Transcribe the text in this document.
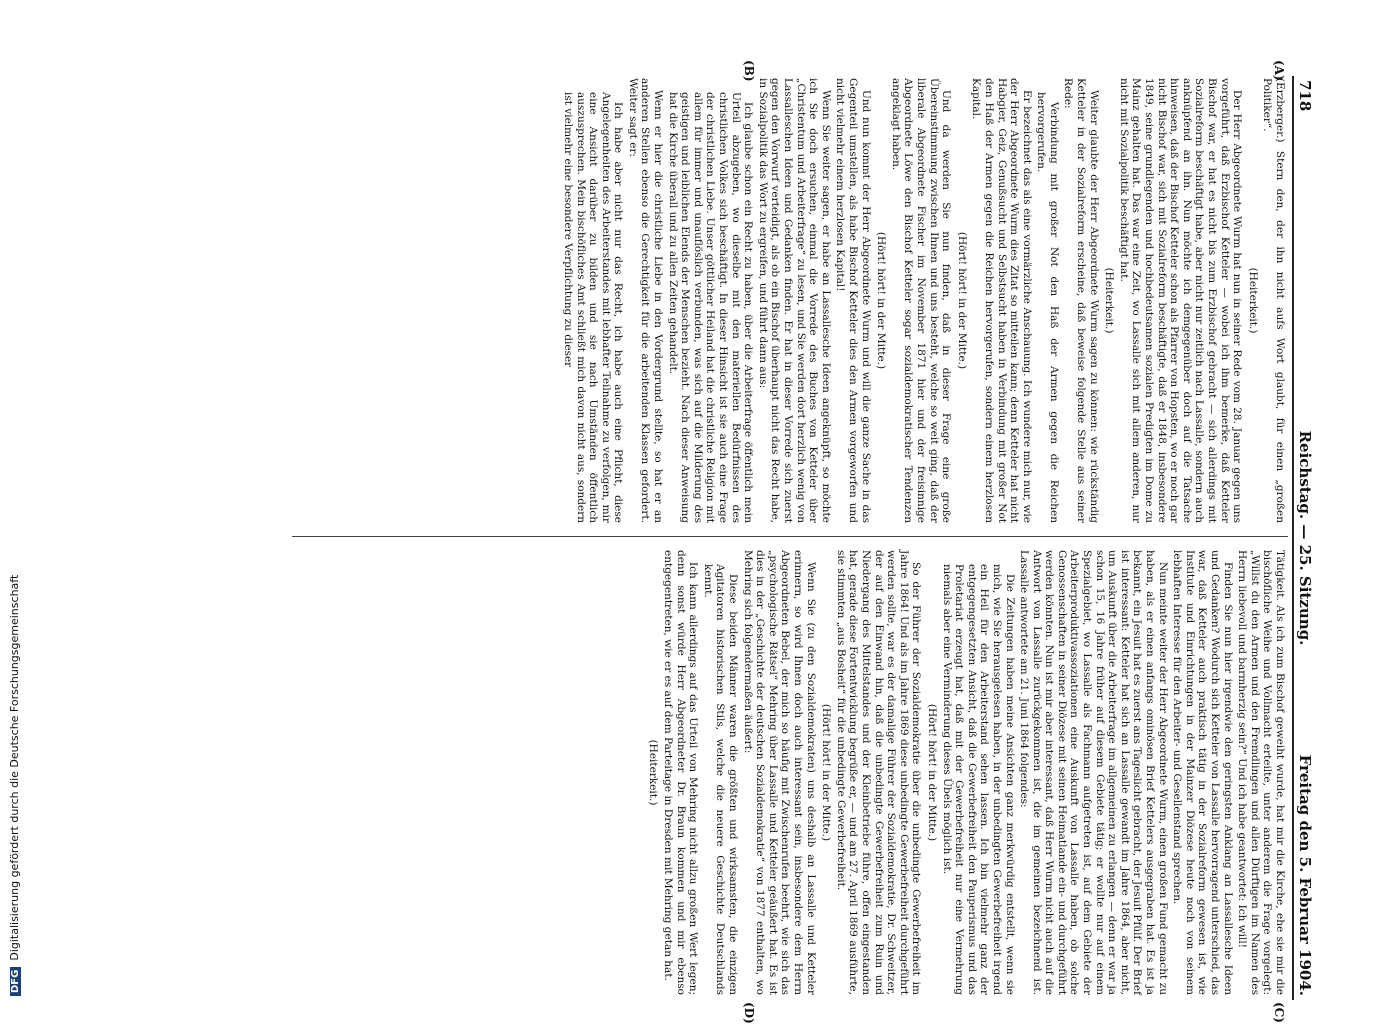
718
Reichstag. — 25. Sitzung.
Freitag den 5. Februar 1904.
(A)
(B)
(C)
(D)

(Erzberger.) Stern den, der ihn nicht aufs Wort glaubt, für einen „großen Politiker“.

(Heiterkeit.)

Der Herr Abgeordnete Wurm hat nun in seiner Rede vom 28. Januar gegen uns vorgeführt, daß Erzbischof Ketteler — wobei ich ihm bemerke, daß Ketteler Bischof war, er hat es nicht bis zum Erzbischof gebracht — sich allerdings mit Sozialreform beschäftigt habe, aber nicht nur zeitlich nach Lassalle, sondern auch anknüpfend an ihn. Nun möchte ich demgegenüber doch auf die Tatsache hinweisen, daß der Bischof Ketteler schon als Pfarrer von Hopsten, wo er noch gar nicht Bischof war, sich mit Sozialreform beschäftigte, daß er 1848, insbesondere 1849, seine grundlegenden und hochbedeutsamen sozialen Predigten im Dome zu Mainz gehalten hat. Das war eine Zeit, wo Lassalle sich mit allem anderen, nur nicht mit Sozialpolitik beschäftigt hat.

(Heiterkeit.)

Weiter glaubte der Herr Abgeordnete Wurm sagen zu können: wie rückständig Ketteler in der Sozialreform erscheine, daß beweise folgende Stelle aus seiner Rede:

Verbindung mit großer Not den Haß der Armen gegen die Reichen hervorgerufen.

Er bezeichnet das als eine vormärzliche Anschauung. Ich wundere mich nur, wie der Herr Abgeordnete Wurm dies Zitat so mitteilen kann; denn Ketteler hat nicht Habgier, Geiz, Genußsucht und Selbstsucht haben in Verbindung mit großer Not den Haß der Armen gegen die Reichen hervorgerufen, sondern einem herzlosen Kapital.

(Hört! hört! in der Mitte.)

Und da werden Sie nun finden, daß in dieser Frage eine große Übereinstimmung zwischen Ihnen und uns besteht, welche so weit ging, daß der liberale Abgeordnete Fischer im November 1871 hier und der freisinnige Abgeordnete Löwe den Bischof Ketteler sogar sozialdemokratischer Tendenzen angeklagt haben.

(Hört! hört! in der Mitte.)

Und nun kommt der Herr Abgeordnete Wurm und will die ganze Sache in das Gegenteil umstellen, als habe Bischof Ketteler dies den Armen vorgeworfen und nicht vielmehr einem herzlosen Kapital!

Wenn Sie weiter sagen, er habe an Lassallesche Ideen angeknüpft, so möchte ich Sie doch ersuchen, einmal die Vorrede des Buches von Ketteler über „Christentum und Arbeiterfrage“ zu lesen, und Sie werden dort herzlich wenig von Lassalleschen Ideen und Gedanken finden. Er hat in dieser Vorrede sich zuerst gegen den Vorwurf verteidigt, als ob ein Bischof überhaupt nicht das Recht habe, in Sozialpolitik das Wort zu ergreifen, und führt dann aus:

Ich glaube schon ein Recht zu haben, über die Arbeiterfrage öffentlich mein Urteil abzugeben, wo dieselbe mit den materiellen Bedürfnissen des christlichen Volkes sich beschäftigt. In dieser Hinsicht ist sie auch eine Frage der christlichen Liebe. Unser göttlicher Heiland hat die christliche Religion mit allem für immer und unauflöslich verbunden, was sich auf die Milderung des geistigen und leiblichen Elends der Menschen bezieht. Nach dieser Anweisung hat die Kirche überall und zu allen Zeiten gehandelt.

Wenn er hier die christliche Liebe in den Vordergrund stellte, so hat er an anderen Stellen ebenso die Gerechtigkeit für die arbeitenden Klassen gefordert. Weiter sagt er:

Ich habe aber nicht nur das Recht, ich habe auch eine Pflicht, diese Angelegenheiten des Arbeiterstandes mit lebhafter Teilnahme zu verfolgen, mir eine Ansicht darüber zu bilden und sie nach Umständen öffentlich auszusprechen. Mein bischöfliches Amt schließt mich davon nicht aus, sondern ist vielmehr eine besondere Verpflichtung zu dieser

Tätigkeit. Als ich zum Bischof geweiht wurde, hat mir die Kirche, ehe sie mir die bischöfliche Weihe und Vollmacht erteilte, unter anderem die Frage vorgelegt: „Willst du den Armen und den Fremdlingen und allen Dürftigen im Namen des Herrn liebevoll und barmherzig sein?“ Und ich habe geantwortet: Ich will!

Finden Sie nun hier irgendwie den geringsten Anklang an Lassallesche Ideen und Gedanken? Wodurch sich Ketteler von Lassalle hervorragend unterschied, das war, daß Ketteler auch praktisch tätig in der Sozialreform gewesen ist, wie Institute und Einrichtungen in der Mainzer Diözese heute noch von seinem lebhaften Interesse für den Arbeiter- und Gesellenstand sprechen.

Nun meinte weiter der Herr Abgeordnete Wurm, einen großen Fund gemacht zu haben, als er einen anfangs ominösen Brief Kettelers ausgegraben hat. Es ist ja bekannt, ein Jesuit hat es zuerst ans Tageslicht gebracht, der Jesuit Pfülf. Der Brief ist interessant: Ketteler hat sich an Lassalle gewandt im Jahre 1864, aber nicht, um Auskunft über die Arbeiterfrage im allgemeinen zu erlangen — denn er war ja schon 15, 16 Jahre früher auf diesem Gebiete tätig; er wollte nur auf einem Spezialgebiet, wo Lassalle als Fachmann aufgetreten ist, auf dem Gebiete der Arbeiterproduktivassoziationen eine Auskunft von Lassalle haben, ob solche Genossenschaften in seiner Diözese mit seinen Heimatlande ein- und durchgeführt werden könnten. Nun ist mir aber interessant, daß Herr Wurm nicht auch auf die Antwort von Lassalle zurückgekommen ist, die im gemeinen bezeichnend ist. Lassalle antwortete am 21. Juni 1864 folgendes:

Die Zeitungen haben meine Ansichten ganz merkwürdig entstellt, wenn sie mich, wie Sie herausgelesen haben, in der unbedingten Gewerbefreiheit irgend ein Heil für den Arbeiterstand sehen lassen. Ich bin vielmehr ganz der entgegengesetzten Ansicht, daß die Gewerbefreiheit den Pauperismus und das Proletariat erzeugt hat, daß mit der Gewerbefreiheit nur eine Vermehrung niemals aber eine Verminderung dieses Übels möglich ist.

(Hört! hört! in der Mitte.)

So der Führer der Sozialdemokratie über die unbedingte Gewerbefreiheit im Jahre 1864! Und als im Jahre 1869 diese unbedingte Gewerbefreiheit durchgeführt werden sollte, war es der damalige Führer der Sozialdemokratie, Dr. Schweitzer, der auf den Einwand hin, daß die unbedingte Gewerbefreiheit zum Ruin und Niedergang des Mittelstandes und der Kleinbetriebe führe, offen eingestanden hat, gerade diese Fortentwicklung begrüße er, — und am 27. April 1869 ausführte, sie stimmten „aus Bosheit“ für die unbedingte Gewerbefreiheit.

(Hört! hört! in der Mitte.)

Wenn Sie (zu den Sozialdemokraten) uns deshalb an Lassalle und Ketteler erinnern, so wird Ihnen doch auch interessant sein, insbesondere dem Herrn Abgeordneten Bebel, der mich so häufig mit Zwischenrufen beehrt, wie sich das „psychologische Rätsel“ Mehring über Lassalle und Ketteler geäußert hat. Es ist dies in der „Geschichte der deutschen Sozialdemokratie“ von 1877 enthalten, wo Mehring sich folgendermaßen äußert:

Diese beiden Männer waren die größten und wirksamsten, die einzigen Agitatoren historischen Stils, welche die neuere Geschichte Deutschlands kennt.

Ich kann allerdings auf das Urteil von Mehring nicht allzu großen Wert legen; denn sonst würde Herr Abgeordneter Dr. Braun kommen und mir ebenso entgegentreten, wie er es auf dem Parteitage in Dresden mit Mehring getan hat.

(Heiterkeit.)

DFGDigitalisierung gefördert durch die Deutsche Forschungsgemeinschaft
